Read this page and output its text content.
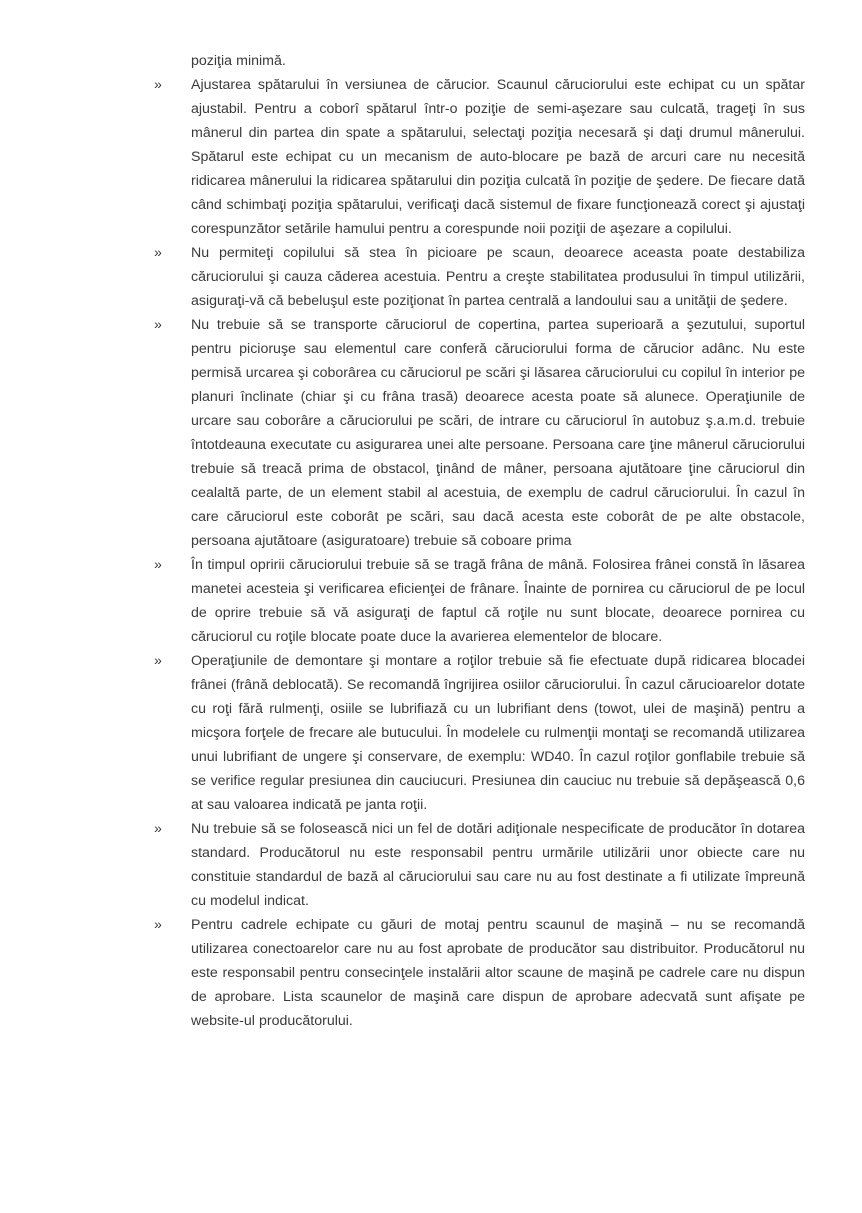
poziţia minimă.

» Ajustarea spătarului în versiunea de cărucior. Scaunul căruciorului este echipat cu un spătar ajustabil. Pentru a coborî spătarul într-o poziţie de semi-aşezare sau culcată, trageţi în sus mânerul din partea din spate a spătarului, selectaţi poziţia necesară şi daţi drumul mânerului. Spătarul este echipat cu un mecanism de auto-blocare pe bază de arcuri care nu necesită ridicarea mânerului la ridicarea spătarului din poziţia culcată în poziţie de şedere. De fiecare dată când schimbaţi poziţia spătarului, verificaţi dacă sistemul de fixare funcţionează corect şi ajustaţi corespunzător setările hamului pentru a corespunde noii poziţii de aşezare a copilului.

» Nu permiteţi copilului să stea în picioare pe scaun, deoarece aceasta poate destabiliza căruciorului şi cauza căderea acestuia. Pentru a creşte stabilitatea produsului în timpul utilizării, asiguraţi-vă că bebeluşul este poziţionat în partea centrală a landoului sau a unităţii de şedere.

» Nu trebuie să se transporte căruciorul de copertina, partea superioară a şezutului, suportul pentru picioruşe sau elementul care conferă căruciorului forma de cărucior adânc. Nu este permisă urcarea şi coborârea cu căruciorul pe scări şi lăsarea căruciorului cu copilul în interior pe planuri înclinate (chiar şi cu frâna trasă) deoarece acesta poate să alunece. Operaţiunile de urcare sau coborâre a căruciorului pe scări, de intrare cu căruciorul în autobuz ş.a.m.d. trebuie întotdeauna executate cu asigurarea unei alte persoane. Persoana care ţine mânerul căruciorului trebuie să treacă prima de obstacol, ţinând de mâner, persoana ajutătoare ţine căruciorul din cealaltă parte, de un element stabil al acestuia, de exemplu de cadrul căruciorului. În cazul în care căruciorul este coborât pe scări, sau dacă acesta este coborât de pe alte obstacole, persoana ajutătoare (asiguratoare) trebuie să coboare prima

» În timpul opririi căruciorului trebuie să se tragă frâna de mână. Folosirea frânei constă în lăsarea manetei acesteia şi verificarea eficienţei de frânare. Înainte de pornirea cu căruciorul de pe locul de oprire trebuie să vă asiguraţi de faptul că roţile nu sunt blocate, deoarece pornirea cu căruciorul cu roţile blocate poate duce la avarierea elementelor de blocare.

» Operaţiunile de demontare şi montare a roţilor trebuie să fie efectuate după ridicarea blocadei frânei (frână deblocată). Se recomandă îngrijirea osiilor căruciorului. În cazul cărucioarelor dotate cu roţi fără rulmenţi, osiile se lubrifiază cu un lubrifiant dens (towot, ulei de maşină) pentru a micşora forţele de frecare ale butucului. În modelele cu rulmenţii montaţi se recomandă utilizarea unui lubrifiant de ungere şi conservare, de exemplu: WD40. În cazul roţilor gonflabile trebuie să se verifice regular presiunea din cauciucuri. Presiunea din cauciuc nu trebuie să depăşească 0,6 at sau valoarea indicată pe janta roţii.

» Nu trebuie să se folosească nici un fel de dotări adiţionale nespecificate de producător în dotarea standard. Producătorul nu este responsabil pentru urmările utilizării unor obiecte care nu constituie standardul de bază al căruciorului sau care nu au fost destinate a fi utilizate împreună cu modelul indicat.

» Pentru cadrele echipate cu găuri de motaj pentru scaunul de maşină – nu se recomandă utilizarea conectoarelor care nu au fost aprobate de producător sau distribuitor. Producătorul nu este responsabil pentru consecinţele instalării altor scaune de maşină pe cadrele care nu dispun de aprobare. Lista scaunelor de maşină care dispun de aprobare adecvată sunt afişate pe website-ul producătorului.
